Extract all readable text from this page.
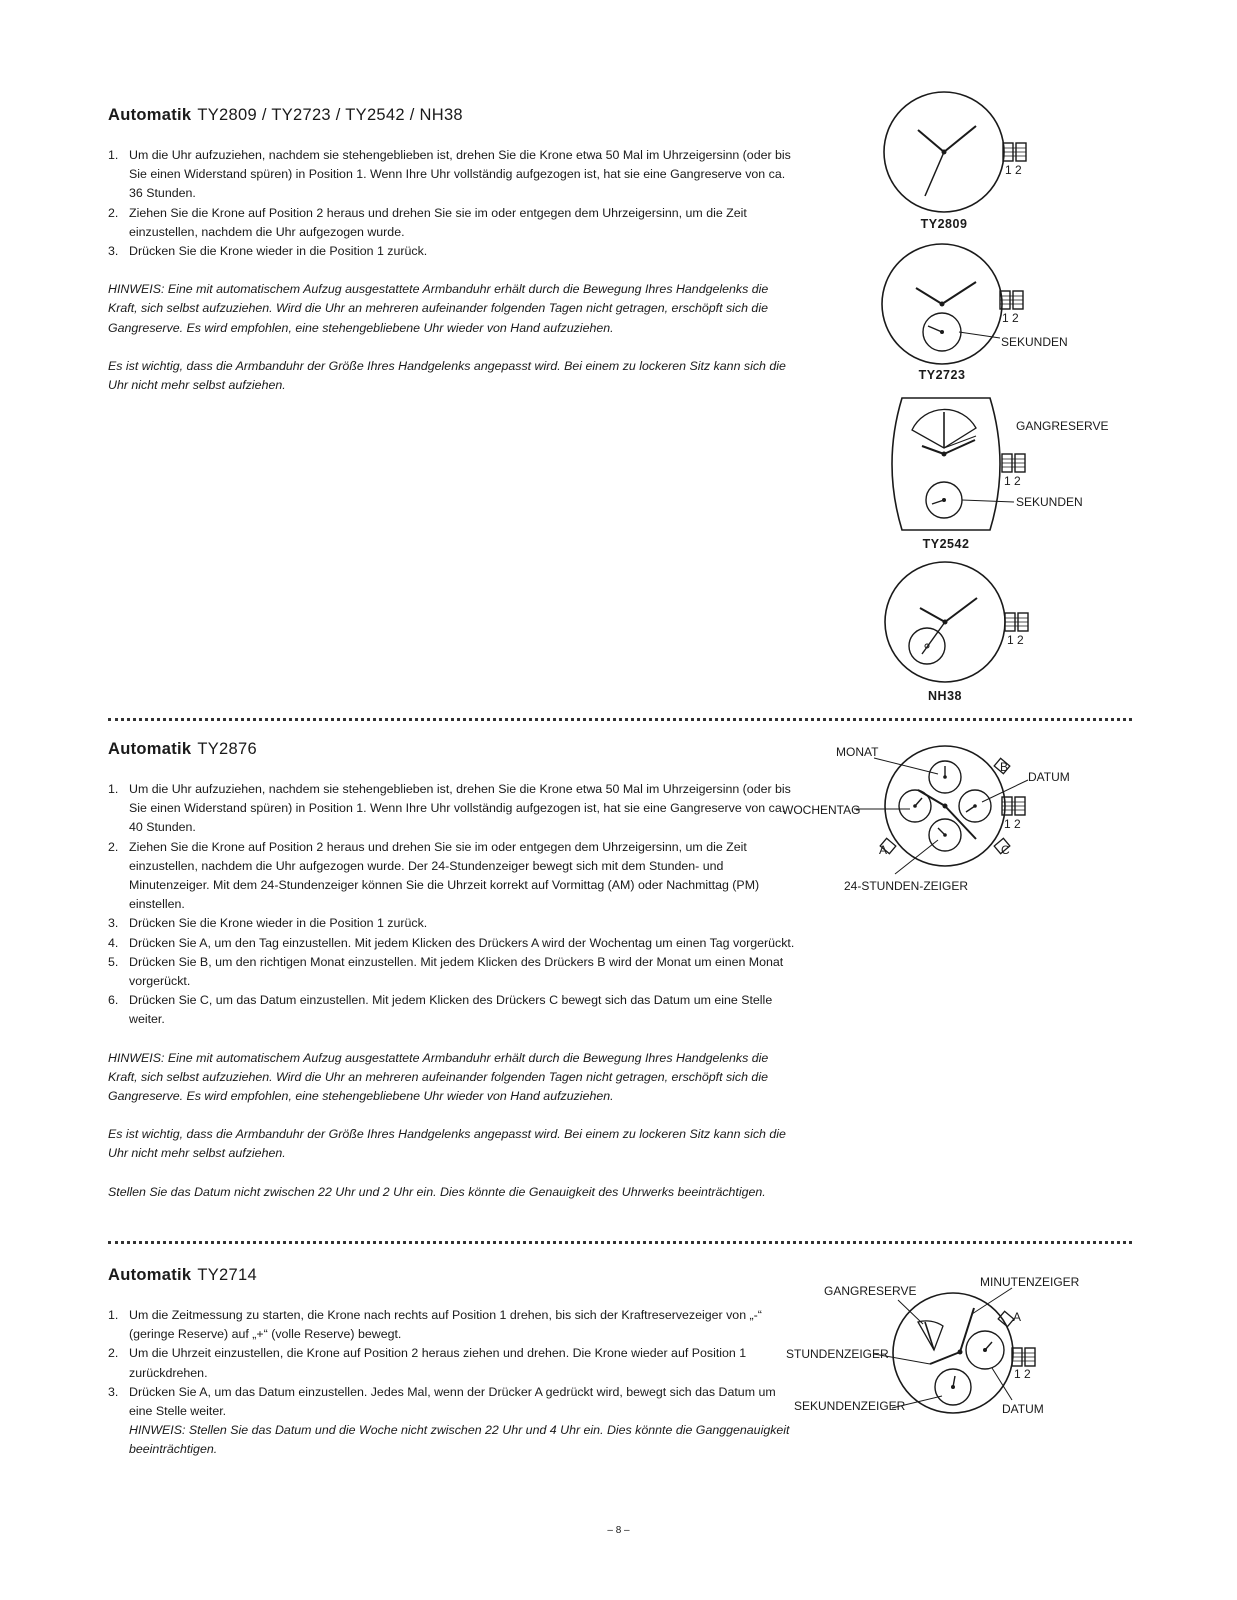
Automatik TY2809 / TY2723 / TY2542 / NH38
1. Um die Uhr aufzuziehen, nachdem sie stehengeblieben ist, drehen Sie die Krone etwa 50 Mal im Uhrzeigersinn (oder bis Sie einen Widerstand spüren) in Position 1. Wenn Ihre Uhr vollständig aufgezogen ist, hat sie eine Gangreserve von ca. 36 Stunden.
2. Ziehen Sie die Krone auf Position 2 heraus und drehen Sie sie im oder entgegen dem Uhrzeigersinn, um die Zeit einzustellen, nachdem die Uhr aufgezogen wurde.
3. Drücken Sie die Krone wieder in die Position 1 zurück.

HINWEIS: Eine mit automatischem Aufzug ausgestattete Armbanduhr erhält durch die Bewegung Ihres Handgelenks die Kraft, sich selbst aufzuziehen. Wird die Uhr an mehreren aufeinander folgenden Tagen nicht getragen, erschöpft sich die Gangreserve. Es wird empfohlen, eine stehengebliebene Uhr wieder von Hand aufzuziehen.

Es ist wichtig, dass die Armbanduhr der Größe Ihres Handgelenks angepasst wird. Bei einem zu lockeren Sitz kann sich die Uhr nicht mehr selbst aufziehen.

1 2
TY2809
1 2
SEKUNDEN
TY2723
1 2
GANGRESERVE
SEKUNDEN
TY2542
1 2
NH38
Automatik TY2876
1. Um die Uhr aufzuziehen, nachdem sie stehengeblieben ist, drehen Sie die Krone etwa 50 Mal im Uhrzeigersinn (oder bis Sie einen Widerstand spüren) in Position 1. Wenn Ihre Uhr vollständig aufgezogen ist, hat sie eine Gangreserve von ca. 40 Stunden.
2. Ziehen Sie die Krone auf Position 2 heraus und drehen Sie sie im oder entgegen dem Uhrzeigersinn, um die Zeit einzustellen, nachdem die Uhr aufgezogen wurde. Der 24-Stundenzeiger bewegt sich mit dem Stunden- und Minutenzeiger. Mit dem 24-Stundenzeiger können Sie die Uhrzeit korrekt auf Vormittag (AM) oder Nachmittag (PM) einstellen.
3. Drücken Sie die Krone wieder in die Position 1 zurück.
4. Drücken Sie A, um den Tag einzustellen. Mit jedem Klicken des Drückers A wird der Wochentag um einen Tag vorgerückt.
5. Drücken Sie B, um den richtigen Monat einzustellen. Mit jedem Klicken des Drückers B wird der Monat um einen Monat vorgerückt.
6. Drücken Sie C, um das Datum einzustellen. Mit jedem Klicken des Drückers C bewegt sich das Datum um eine Stelle weiter.

HINWEIS: Eine mit automatischem Aufzug ausgestattete Armbanduhr erhält durch die Bewegung Ihres Handgelenks die Kraft, sich selbst aufzuziehen. Wird die Uhr an mehreren aufeinander folgenden Tagen nicht getragen, erschöpft sich die Gangreserve. Es wird empfohlen, eine stehengebliebene Uhr wieder von Hand aufzuziehen.

Es ist wichtig, dass die Armbanduhr der Größe Ihres Handgelenks angepasst wird. Bei einem zu lockeren Sitz kann sich die Uhr nicht mehr selbst aufziehen.

Stellen Sie das Datum nicht zwischen 22 Uhr und 2 Uhr ein. Dies könnte die Genauigkeit des Uhrwerks beeinträchtigen.

1 2
MONAT
DATUM
WOCHENTAG
24-STUNDEN-ZEIGER
B
A	C
Automatik TY2714
1. Um die Zeitmessung zu starten, die Krone nach rechts auf Position 1 drehen, bis sich der Kraftreservezeiger von „-“ (geringe Reserve) auf „+“ (volle Reserve) bewegt.
2. Um die Uhrzeit einzustellen, die Krone auf Position 2 heraus ziehen und drehen. Die Krone wieder auf Position 1 zurückdrehen.
3. Drücken Sie A, um das Datum einzustellen. Jedes Mal, wenn der Drücker A gedrückt wird, bewegt sich das Datum um eine Stelle weiter.
HINWEIS: Stellen Sie das Datum und die Woche nicht zwischen 22 Uhr und 4 Uhr ein. Dies könnte die Ganggenauigkeit beeinträchtigen.
1 2
GANGRESERVE
MINUTENZEIGER
STUNDENZEIGER
SEKUNDENZEIGER	DATUM
A
– 8 –
